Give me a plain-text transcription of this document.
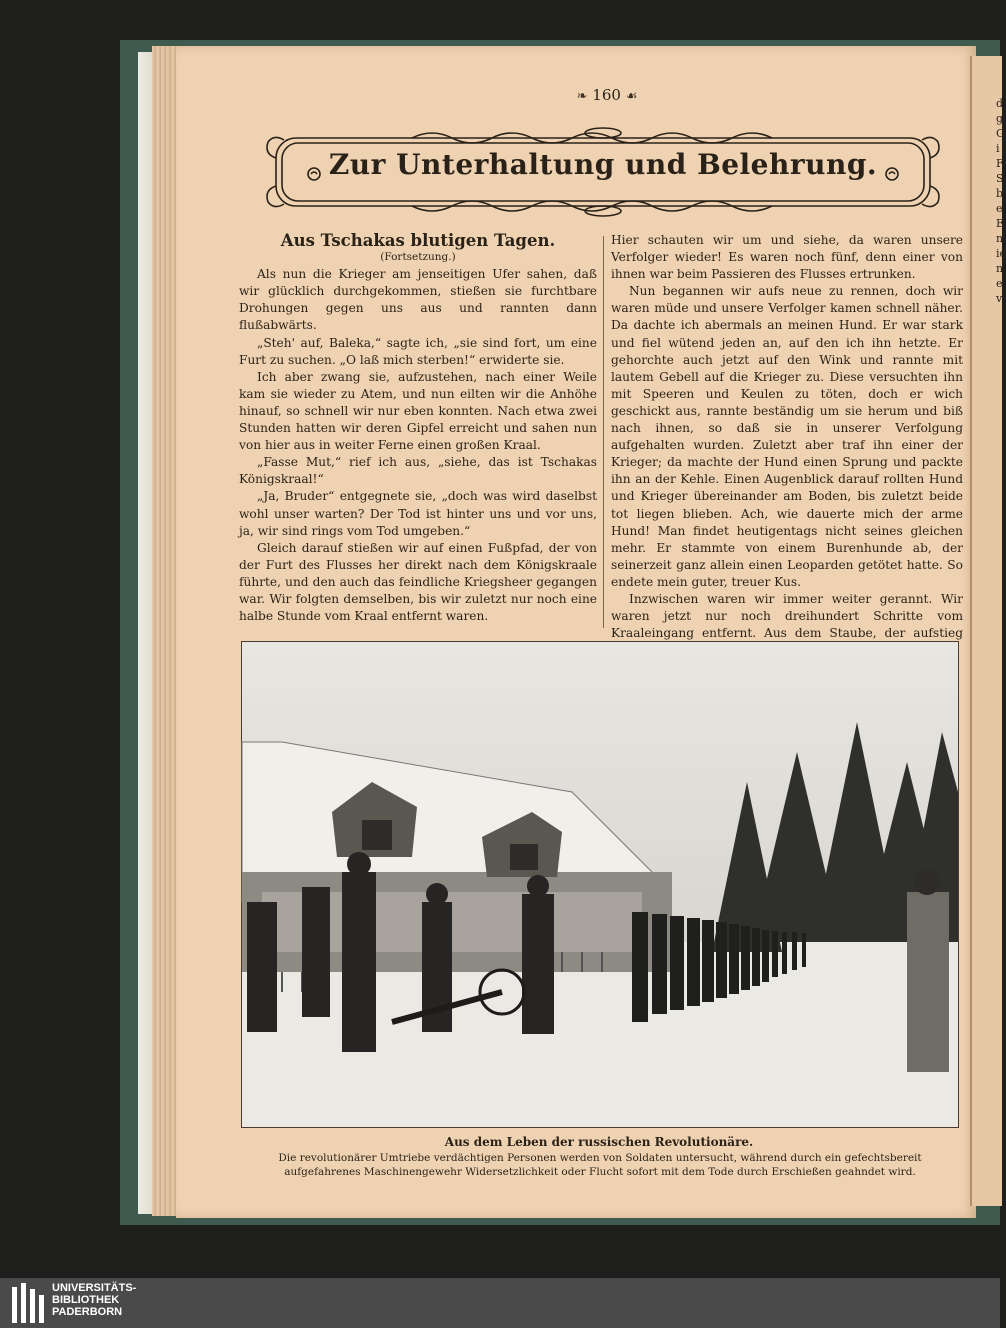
d
g
G
i
F
S
b
e
E
n
ie
n
e
v
❧ 160 ☙
Zur Unterhaltung und Belehrung.

Aus Tschakas blutigen Tagen.

(Fortsetzung.)

Als nun die Krieger am jenseitigen Ufer sahen, daß wir glücklich durchgekommen, stießen sie furchtbare Drohungen gegen uns aus und rannten dann flußabwärts.

„Steh' auf, Baleka,“ sagte ich, „sie sind fort, um eine Furt zu suchen. „O laß mich sterben!“ erwiderte sie.

Ich aber zwang sie, aufzustehen, nach einer Weile kam sie wieder zu Atem, und nun eilten wir die Anhöhe hinauf, so schnell wir nur eben konnten. Nach etwa zwei Stunden hatten wir deren Gipfel erreicht und sahen nun von hier aus in weiter Ferne einen großen Kraal.

„Fasse Mut,“ rief ich aus, „siehe, das ist Tschakas Königskraal!“

„Ja, Bruder“ entgegnete sie, „doch was wird daselbst wohl unser warten? Der Tod ist hinter uns und vor uns, ja, wir sind rings vom Tod umgeben.“

Gleich darauf stießen wir auf einen Fußpfad, der von der Furt des Flusses her direkt nach dem Königskraale führte, und den auch das feindliche Kriegsheer gegangen war. Wir folgten demselben, bis wir zuletzt nur noch eine halbe Stunde vom Kraal entfernt waren.

Hier schauten wir um und siehe, da waren unsere Verfolger wieder! Es waren noch fünf, denn einer von ihnen war beim Passieren des Flusses ertrunken.

Nun begannen wir aufs neue zu rennen, doch wir waren müde und unsere Verfolger kamen schnell näher. Da dachte ich abermals an meinen Hund. Er war stark und fiel wütend jeden an, auf den ich ihn hetzte. Er gehorchte auch jetzt auf den Wink und rannte mit lautem Gebell auf die Krieger zu. Diese versuchten ihn mit Speeren und Keulen zu töten, doch er wich geschickt aus, rannte beständig um sie herum und biß nach ihnen, so daß sie in unserer Verfolgung aufgehalten wurden. Zuletzt aber traf ihn einer der Krieger; da machte der Hund einen Sprung und packte ihn an der Kehle. Einen Augenblick darauf rollten Hund und Krieger übereinander am Boden, bis zuletzt beide tot liegen blieben. Ach, wie dauerte mich der arme Hund! Man findet heutigentags nicht seines gleichen mehr. Er stammte von einem Burenhunde ab, der seinerzeit ganz allein einen Leoparden getötet hatte. So endete mein guter, treuer Kus.

Inzwischen waren wir immer weiter gerannt. Wir waren jetzt nur noch dreihundert Schritte vom Kraaleingang entfernt. Aus dem Staube, der aufstieg

Aus dem Leben der russischen Revolutionäre.
Die revolutionärer Umtriebe verdächtigen Personen werden von Soldaten untersucht, während durch ein gefechtsbereit aufgefahrenes Maschinengewehr Widersetzlichkeit oder Flucht sofort mit dem Tode durch Erschießen geahndet wird.
UNIVERSITÄTS-
BIBLIOTHEK
PADERBORN
